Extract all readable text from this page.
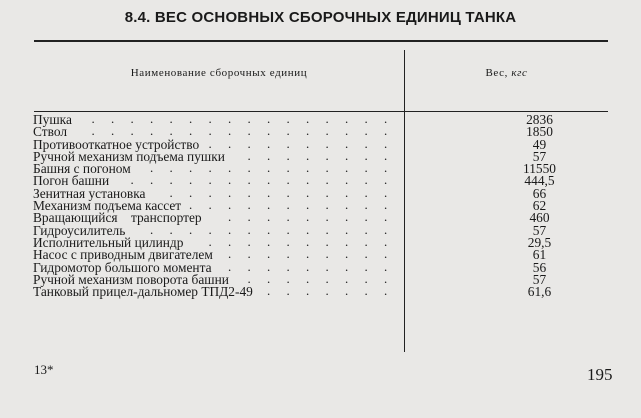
8.4. ВЕС ОСНОВНЫХ СБОРОЧНЫХ ЕДИНИЦ ТАНКА
Наименование сборочных единиц	Вес, кгс
Пушка	2836
. . . . . . . . . . . . . . . .
Ствол	1850
. . . . . . . . . . . . . . . .
Противооткатное устройство	49
. . . . . . . . . .
Ручной механизм подъема пушки	57
. . . . . . . .
Башня с погоном	11550
. . . . . . . . . . . . .
Погон башни	444,5
. . . . . . . . . . . . . .
Зенитная установка	66
. . . . . . . . . . . .
Механизм подъема кассет	62
. . . . . . . . . . .
Вращающийся    транспортер	460
. . . . . . . . .
Гидроусилитель	57
. . . . . . . . . . . . .
Исполнительный цилиндр	29,5
. . . . . . . . . .
Насос с приводным двигателем	61
. . . . . . . . .
Гидромотор большого момента	56
. . . . . . . . .
Ручной механизм поворота башни	57
. . . . . . . .
Танковый прицел-дальномер ТПД2-49	61,6
. . . . . . .
13*	195
